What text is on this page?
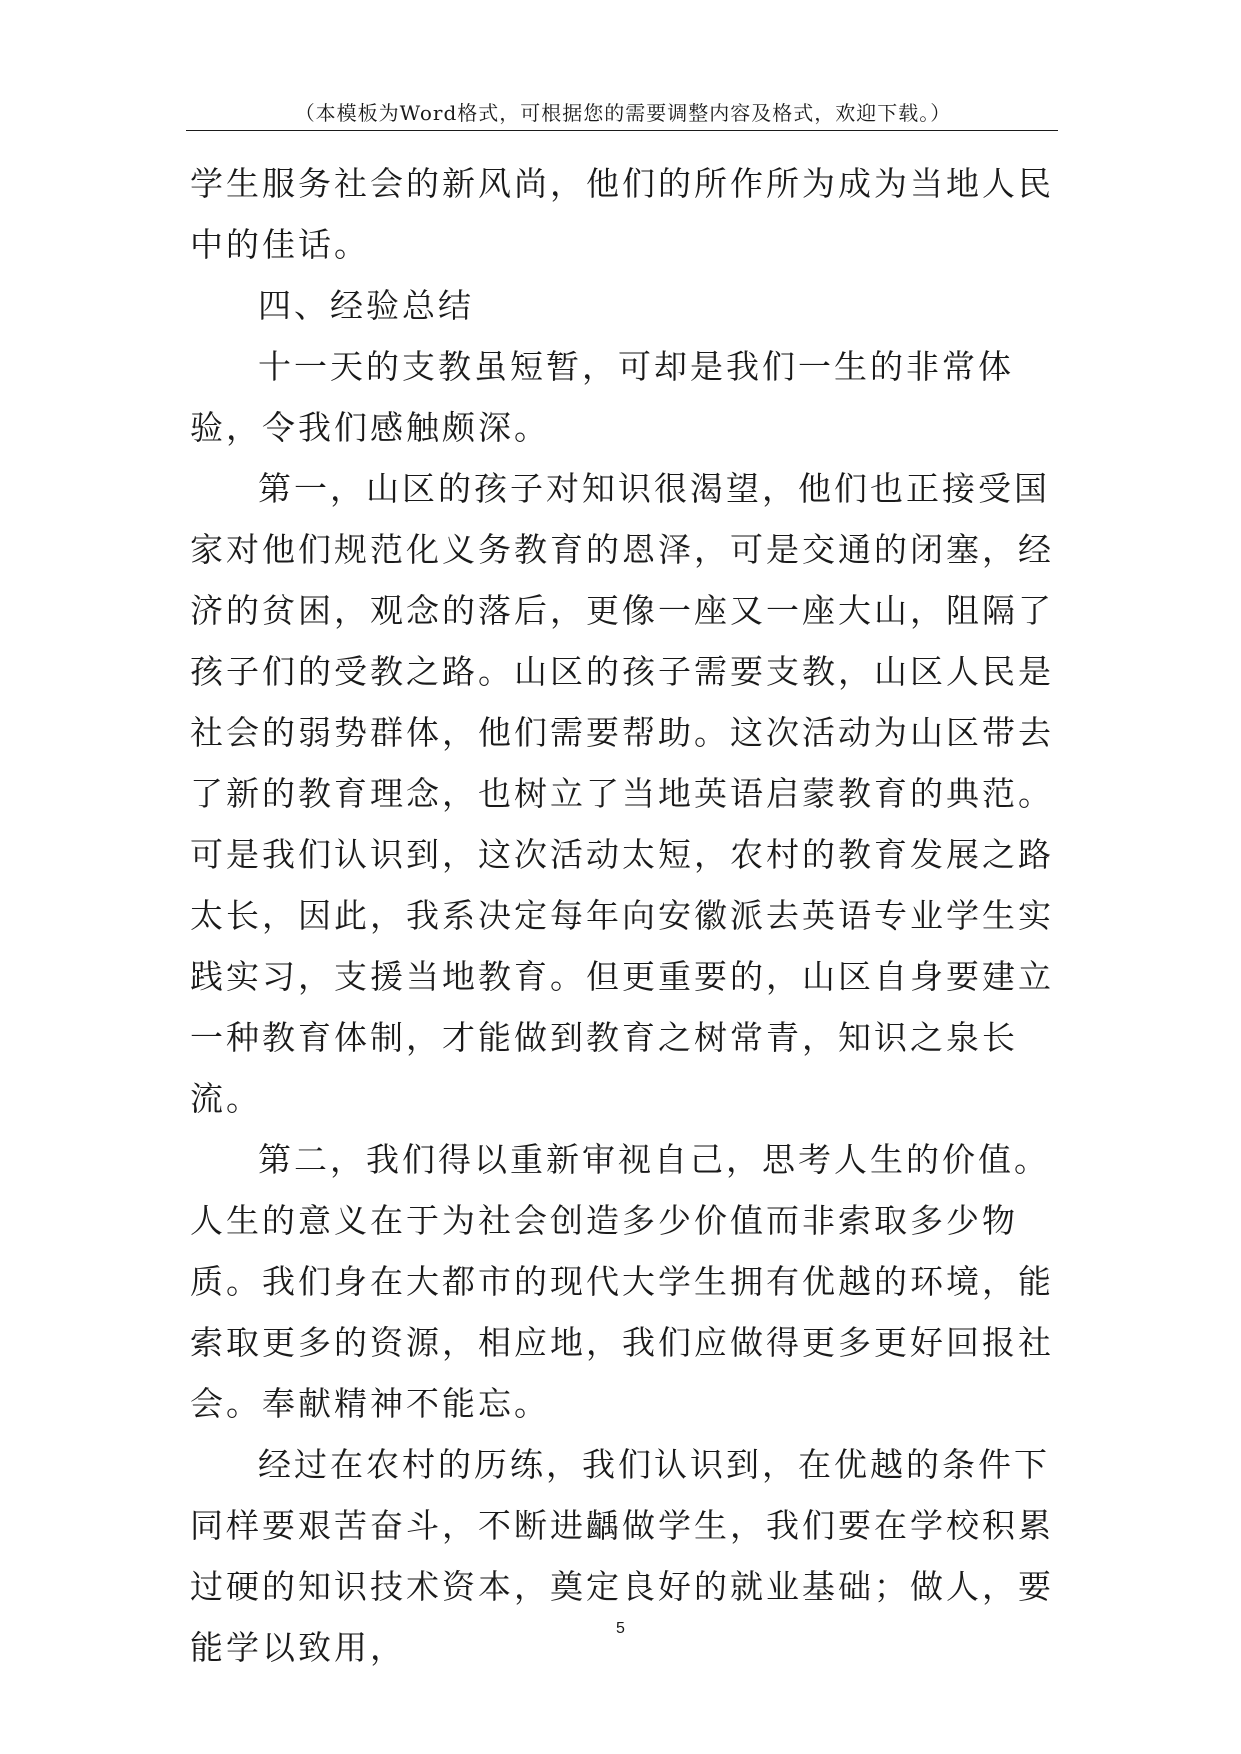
（本模板为Word格式，可根据您的需要调整内容及格式，欢迎下载。）

学生服务社会的新风尚，他们的所作所为成为当地人民中的佳话。

四、经验总结

十一天的支教虽短暂，可却是我们一生的非常体验，令我们感触颇深。

第一，山区的孩子对知识很渴望，他们也正接受国家对他们规范化义务教育的恩泽，可是交通的闭塞，经济的贫困，观念的落后，更像一座又一座大山，阻隔了孩子们的受教之路。山区的孩子需要支教，山区人民是社会的弱势群体，他们需要帮助。这次活动为山区带去了新的教育理念，也树立了当地英语启蒙教育的典范。可是我们认识到，这次活动太短，农村的教育发展之路太长，因此，我系决定每年向安徽派去英语专业学生实践实习，支援当地教育。但更重要的，山区自身要建立一种教育体制，才能做到教育之树常青，知识之泉长流。

第二，我们得以重新审视自己，思考人生的价值。人生的意义在于为社会创造多少价值而非索取多少物质。我们身在大都市的现代大学生拥有优越的环境，能索取更多的资源，相应地，我们应做得更多更好回报社会。奉献精神不能忘。

经过在农村的历练，我们认识到，在优越的条件下同样要艰苦奋斗，不断进齲做学生，我们要在学校积累过硬的知识技术资本，奠定良好的就业基础；做人，要能学以致用，	5
